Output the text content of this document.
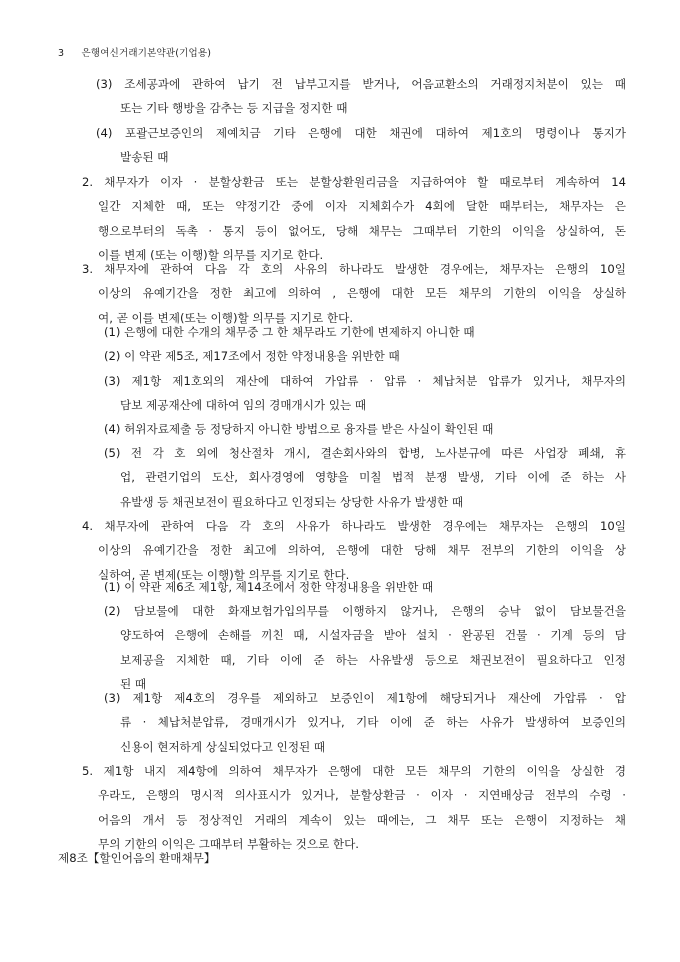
3 은행여신거래기본약관(기업용)
(3) 조세공과에 관하여 납기 전 납부고지를 받거나, 어음교환소의 거래정지처분이 있는 때
또는 기타 행방을 감추는 등 지급을 정지한 때
(4) 포괄근보증인의 제예치금 기타 은행에 대한 채권에 대하여 제1호의 명령이나 통지가
발송된 때
2. 채무자가 이자 · 분할상환금 또는 분할상환원리금을 지급하여야 할 때로부터 계속하여 14
일간 지체한 때, 또는 약정기간 중에 이자 지체회수가 4회에 달한 때부터는, 채무자는 은
행으로부터의 독촉 · 통지 등이 없어도, 당해 채무는 그때부터 기한의 이익을 상실하여, 돈
이를 변제 (또는 이행)할 의무를 지기로 한다.
3. 채무자에 관하여 다음 각 호의 사유의 하나라도 발생한 경우에는, 채무자는 은행의 10일
이상의 유예기간을 정한 최고에 의하여 , 은행에 대한 모든 채무의 기한의 이익을 상실하
여, 곧 이를 변제(또는 이행)할 의무를 지기로 한다.
(1) 은행에 대한 수개의 채무중 그 한 채무라도 기한에 변제하지 아니한 때
(2) 이 약관 제5조, 제17조에서 정한 약정내용을 위반한 때
(3) 제1항 제1호외의 재산에 대하여 가압류 · 압류 · 체납처분 압류가 있거나, 채무자의
담보 제공재산에 대하여 임의 경매개시가 있는 때
(4) 허위자료제출 등 정당하지 아니한 방법으로 융자를 받은 사실이 확인된 때
(5) 전 각 호 외에 청산절차 개시, 결손회사와의 합병, 노사분규에 따른 사업장 폐쇄, 휴
업, 관련기업의 도산, 회사경영에 영향을 미칠 법적 분쟁 발생, 기타 이에 준 하는 사
유발생 등 채권보전이 필요하다고 인정되는 상당한 사유가 발생한 때
4. 채무자에 관하여 다음 각 호의 사유가 하나라도 발생한 경우에는 채무자는 은행의 10일
이상의 유예기간을 정한 최고에 의하여, 은행에 대한 당해 채무 전부의 기한의 이익을 상
실하여, 곧 변제(또는 이행)할 의무를 지기로 한다.
(1) 이 약관 제6조 제1항, 제14조에서 정한 약정내용을 위반한 때
(2) 담보물에 대한 화재보험가입의무를 이행하지 않거나, 은행의 승낙 없이 담보물건을
양도하여 은행에 손해를 끼친 때, 시설자금을 받아 설치 · 완공된 건물 · 기계 등의 담
보제공을 지체한 때, 기타 이에 준 하는 사유발생 등으로 채권보전이 필요하다고 인정
된 때
(3) 제1항 제4호의 경우를 제외하고 보증인이 제1항에 해당되거나 재산에 가압류 · 압
류 · 체납처분압류, 경매개시가 있거나, 기타 이에 준 하는 사유가 발생하여 보증인의
신용이 현저하게 상실되었다고 인정된 때
5. 제1항 내지 제4항에 의하여 채무자가 은행에 대한 모든 채무의 기한의 이익을 상실한 경
우라도, 은행의 명시적 의사표시가 있거나, 분할상환금 · 이자 · 지연배상금 전부의 수령 ·
어음의 개서 등 정상적인 거래의 계속이 있는 때에는, 그 채무 또는 은행이 지정하는 채
무의 기한의 이익은 그때부터 부활하는 것으로 한다.
제8조【할인어음의 환매채무】
